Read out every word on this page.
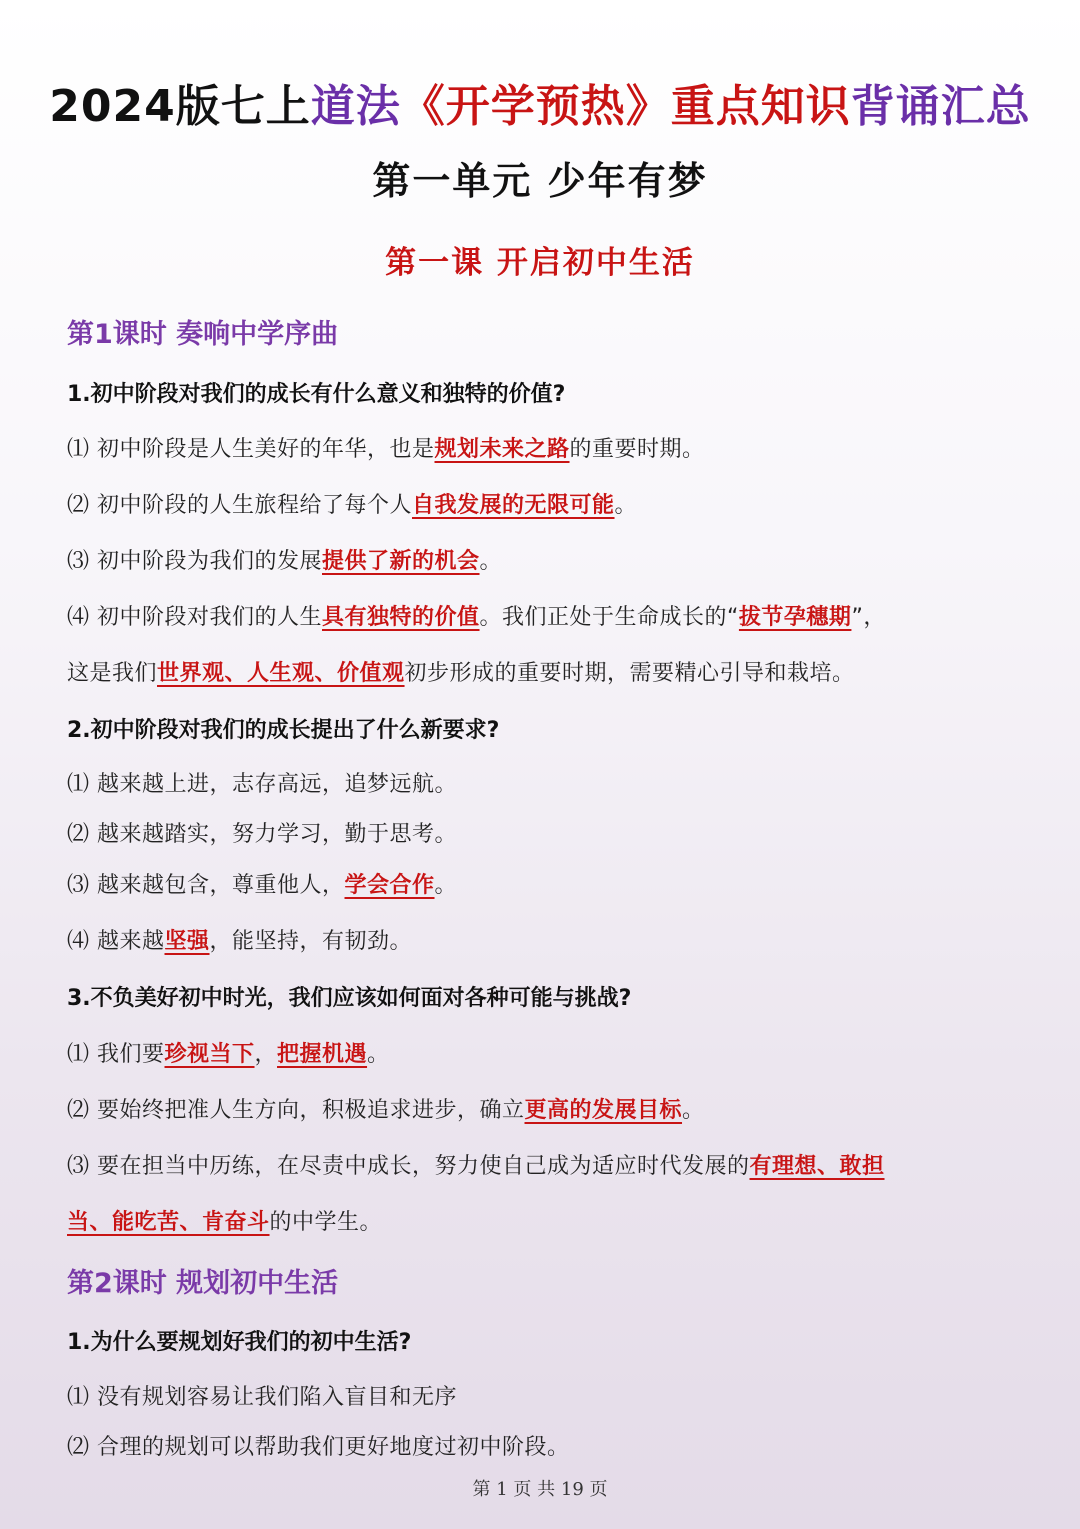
2024版七上道法《开学预热》重点知识背诵汇总
第一单元 少年有梦
第一课 开启初中生活
第1课时 奏响中学序曲
1.初中阶段对我们的成长有什么意义和独特的价值?
⑴ 初中阶段是人生美好的年华，也是规划未来之路的重要时期。
⑵ 初中阶段的人生旅程给了每个人自我发展的无限可能。
⑶ 初中阶段为我们的发展提供了新的机会。
⑷ 初中阶段对我们的人生具有独特的价值。我们正处于生命成长的“拔节孕穗期”，
这是我们世界观、人生观、价值观初步形成的重要时期，需要精心引导和栽培。
2.初中阶段对我们的成长提出了什么新要求?
⑴ 越来越上进，志存高远，追梦远航。
⑵ 越来越踏实，努力学习，勤于思考。
⑶ 越来越包含，尊重他人，学会合作。
⑷ 越来越坚强，能坚持，有韧劲。
3.不负美好初中时光，我们应该如何面对各种可能与挑战?
⑴ 我们要珍视当下，把握机遇。
⑵ 要始终把准人生方向，积极追求进步，确立更高的发展目标。
⑶ 要在担当中历练，在尽责中成长，努力使自己成为适应时代发展的有理想、敢担
当、能吃苦、肯奋斗的中学生。
第2课时 规划初中生活
1.为什么要规划好我们的初中生活?
⑴ 没有规划容易让我们陷入盲目和无序
⑵ 合理的规划可以帮助我们更好地度过初中阶段。
第 1 页 共 19 页
